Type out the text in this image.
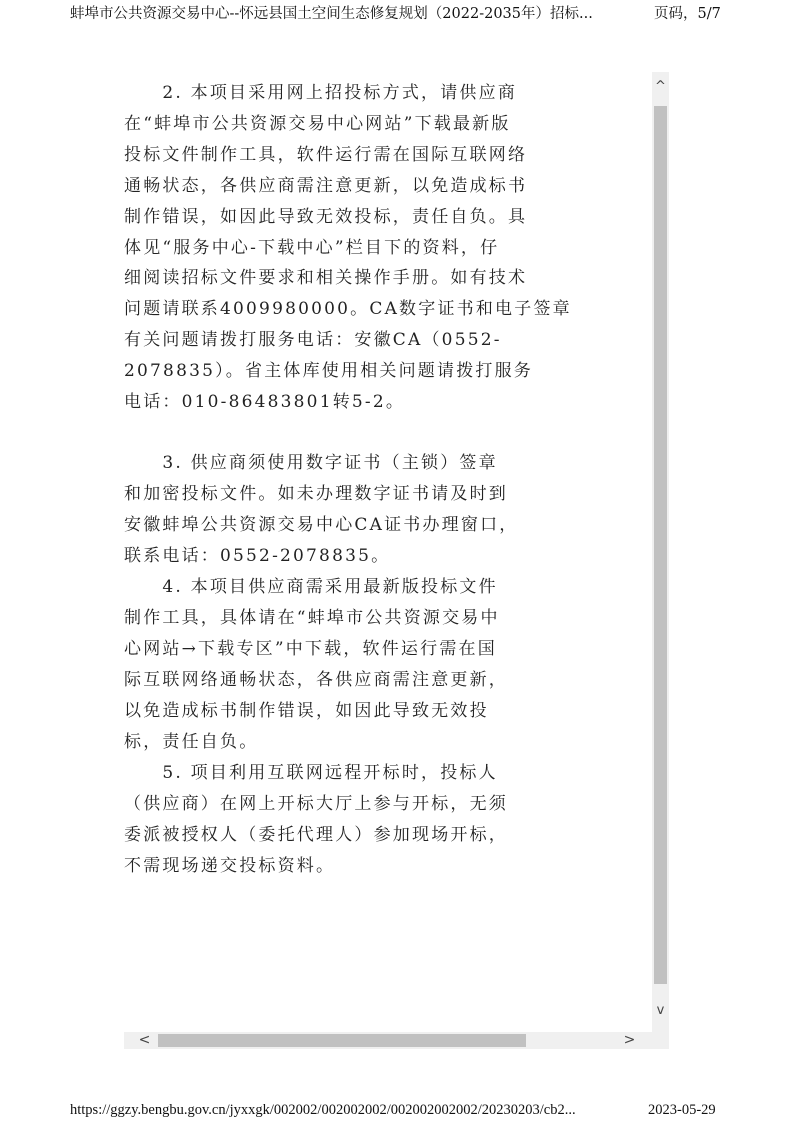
蚌埠市公共资源交易中心--怀远县国土空间生态修复规划（2022-2035年）招标...	页码，5/7
　　2. 本项目采用网上招投标方式，请供应商
在“蚌埠市公共资源交易中心网站”下载最新版
投标文件制作工具，软件运行需在国际互联网络
通畅状态，各供应商需注意更新，以免造成标书
制作错误，如因此导致无效投标，责任自负。具
体见“服务中心-下载中心”栏目下的资料，仔
细阅读招标文件要求和相关操作手册。如有技术
问题请联系4009980000。CA数字证书和电子签章
有关问题请拨打服务电话：安徽CA（0552-
2078835）。省主体库使用相关问题请拨打服务
电话：010-86483801转5-2。
　　3. 供应商须使用数字证书（主锁）签章
和加密投标文件。如未办理数字证书请及时到
安徽蚌埠公共资源交易中心CA证书办理窗口，
联系电话：0552-2078835。
　　4. 本项目供应商需采用最新版投标文件
制作工具，具体请在“蚌埠市公共资源交易中
心网站→下载专区”中下载，软件运行需在国
际互联网络通畅状态，各供应商需注意更新，
以免造成标书制作错误，如因此导致无效投
标，责任自负。
　　5. 项目利用互联网远程开标时，投标人
（供应商）在网上开标大厅上参与开标，无须
委派被授权人（委托代理人）参加现场开标，
不需现场递交投标资料。
^
v
<	>
https://ggzy.bengbu.gov.cn/jyxxgk/002002/002002002/002002002002/20230203/cb2...	2023-05-29
